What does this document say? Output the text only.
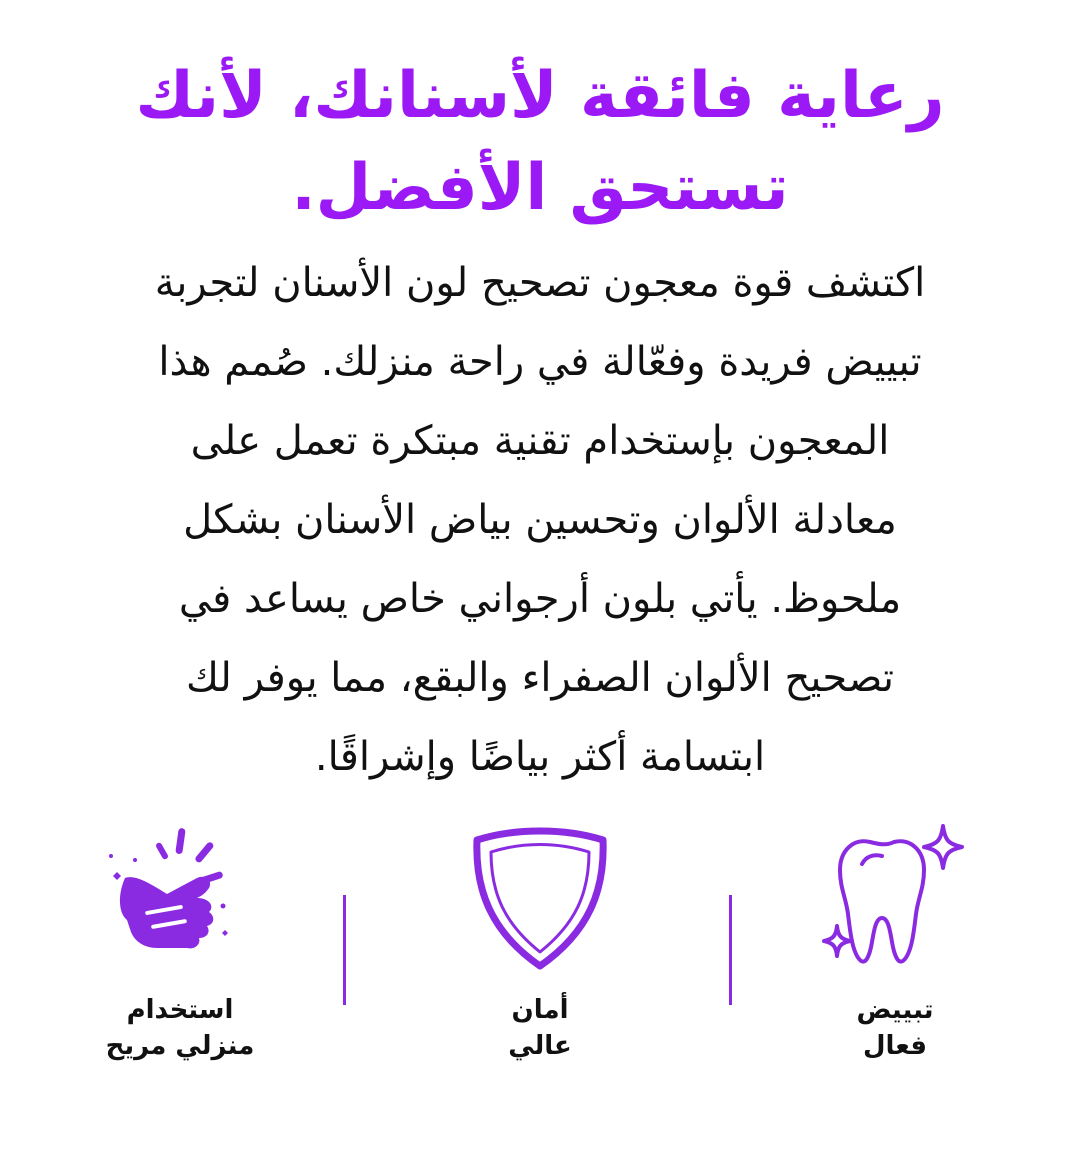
رعاية فائقة لأسنانك، لأنك
تستحق الأفضل.

اكتشف قوة معجون تصحيح لون الأسنان لتجربة
تبييض فريدة وفعّالة في راحة منزلك. صُمم هذا
المعجون بإستخدام تقنية مبتكرة تعمل على
معادلة الألوان وتحسين بياض الأسنان بشكل
ملحوظ. يأتي بلون أرجواني خاص يساعد في
تصحيح الألوان الصفراء والبقع، مما يوفر لك
ابتسامة أكثر بياضًا وإشراقًا.

تبييض
فعال
أمان
عالي
استخدام
منزلي مريح
